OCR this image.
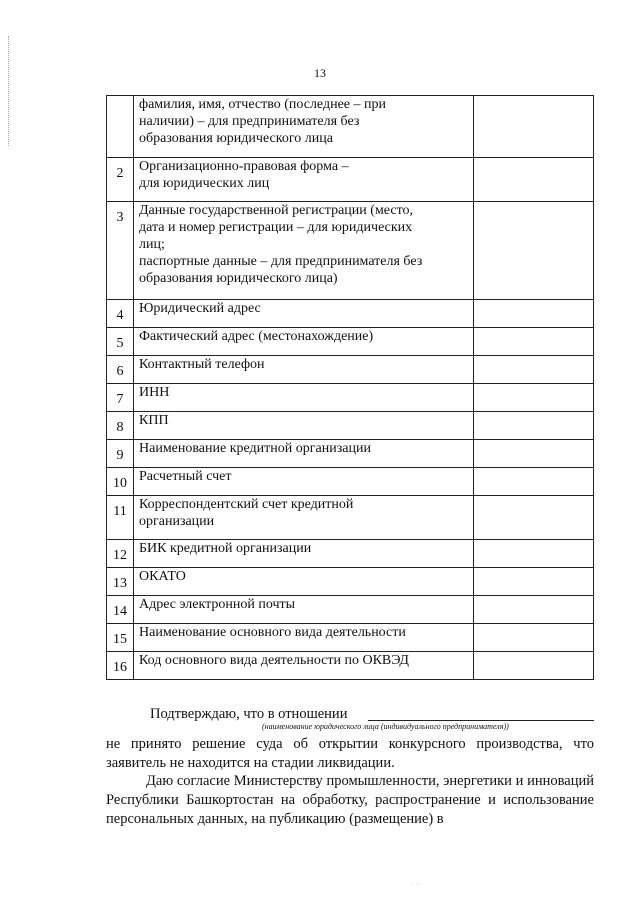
13

	фамилия, имя, отчество (последнее – при
наличии) – для предпринимателя без
образования юридического лица	

2	Организационно-правовая форма –
для юридических лиц	

3	Данные государственной регистрации (место,
дата и номер регистрации – для юридических
лиц;
паспортные данные – для предпринимателя без
образования юридического лица)	

4	Юридический адрес	

5	Фактический адрес (местонахождение)	

6	Контактный телефон	

7	ИНН	

8	КПП	

9	Наименование кредитной организации	

10	Расчетный счет	

11	Корреспондентский счет кредитной
организации	

12	БИК кредитной организации	

13	ОКАТО	

14	Адрес электронной почты	

15	Наименование основного вида деятельности	

16	Код основного вида деятельности по ОКВЭД	

Подтверждаю, что в отношении
(наименование юридического лица (индивидуального предпринимателя))
не принято решение суда об открытии конкурсного производства, что заявитель не находится на стадии ликвидации.
Даю согласие Министерству промышленности, энергетики и инноваций Республики Башкортостан на обработку, распространение и использование персональных данных, на публикацию (размещение) в
· · ·
